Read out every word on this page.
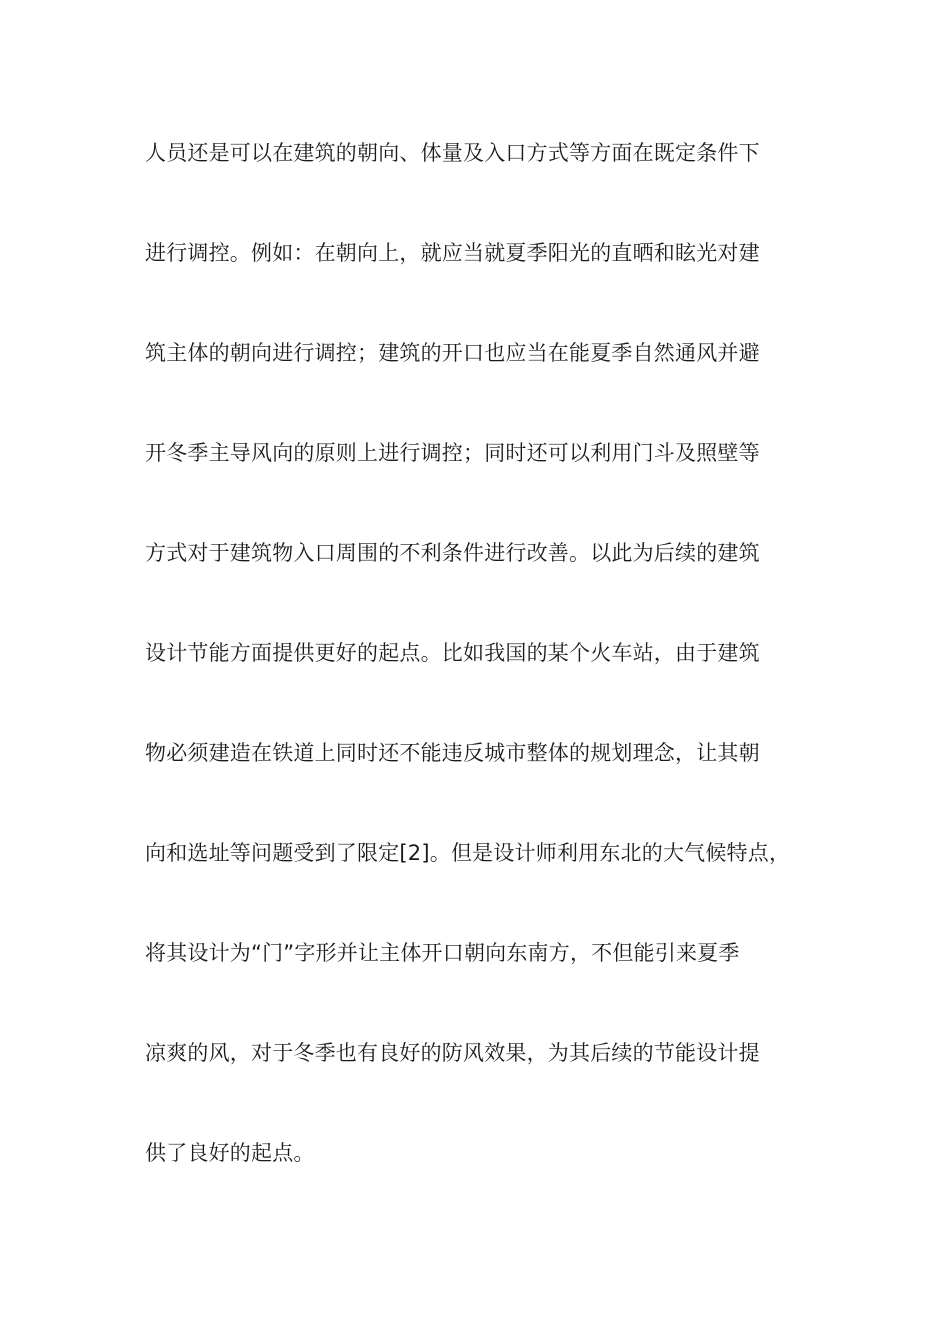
人员还是可以在建筑的朝向、体量及入口方式等方面在既定条件下
进行调控。例如：在朝向上，就应当就夏季阳光的直晒和眩光对建
筑主体的朝向进行调控；建筑的开口也应当在能夏季自然通风并避
开冬季主导风向的原则上进行调控；同时还可以利用门斗及照壁等
方式对于建筑物入口周围的不利条件进行改善。以此为后续的建筑
设计节能方面提供更好的起点。比如我国的某个火车站，由于建筑
物必须建造在铁道上同时还不能违反城市整体的规划理念，让其朝
向和选址等问题受到了限定[2]。但是设计师利用东北的大气候特点，
将其设计为“门”字形并让主体开口朝向东南方，不但能引来夏季
凉爽的风，对于冬季也有良好的防风效果，为其后续的节能设计提
供了良好的起点。
